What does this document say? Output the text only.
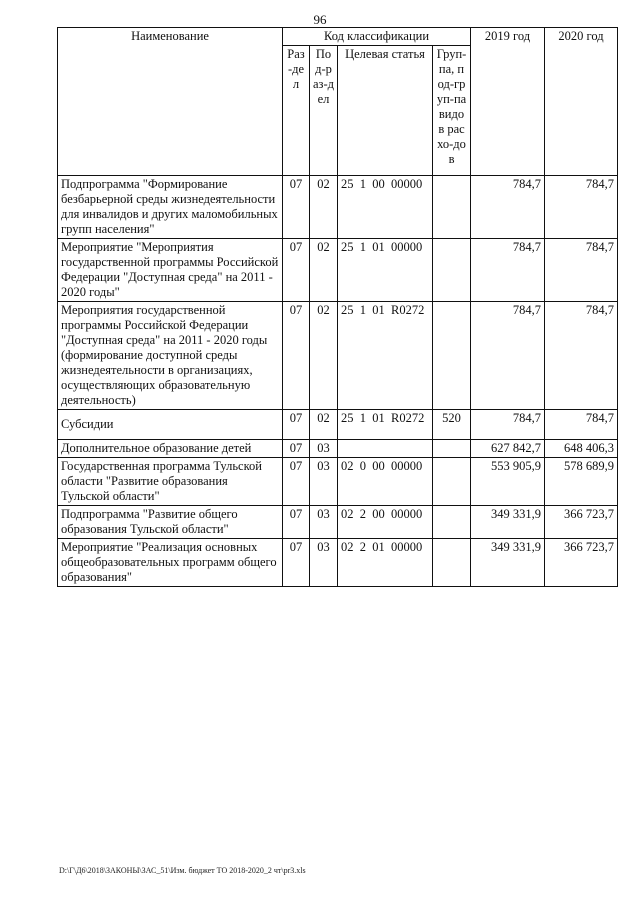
96
Наименование	Код классификации				2019 год	2020 год
	Раз-дел	Под-раз-дел	Целевая статья	Груп-па, под-груп-па видов расхо-дов		
Подпрограмма "Формирование безбарьерной среды жизнедеятельности для инвалидов и других маломобильных групп населения"	07	02	25  1  00  00000		784,7	784,7
Мероприятие "Мероприятия государственной программы Российской Федерации "Доступная среда" на 2011 - 2020 годы"	07	02	25  1  01  00000		784,7	784,7
Мероприятия государственной программы Российской Федерации "Доступная среда" на 2011 - 2020 годы (формирование доступной среды жизнедеятельности в организациях, осуществляющих образовательную деятельность)	07	02	25  1  01  R0272		784,7	784,7
Субсидии	07	02	25  1  01  R0272	520	784,7	784,7
Дополнительное образование детей	07	03			627 842,7	648 406,3
Государственная программа Тульской области "Развитие образования Тульской области"	07	03	02  0  00  00000		553 905,9	578 689,9
Подпрограмма "Развитие общего образования Тульской области"	07	03	02  2  00  00000		349 331,9	366 723,7
Мероприятие "Реализация основных общеобразовательных программ общего образования"	07	03	02  2  01  00000		349 331,9	366 723,7
D:\Г\Д6\2018\ЗАКОНЫ\ЗАС_51\Изм. бюджет ТО 2018-2020_2 чт\pr3.xls
